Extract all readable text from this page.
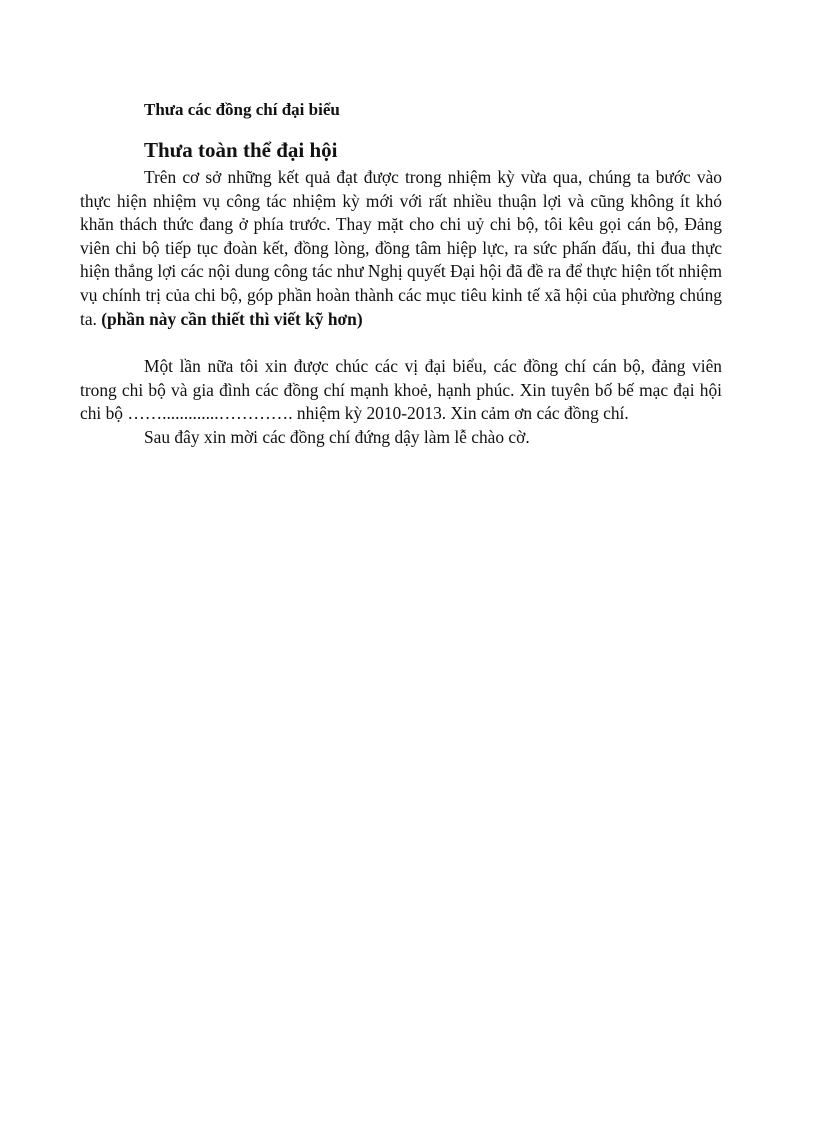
Thưa các đồng chí đại biểu

Thưa toàn thể đại hội

Trên cơ sở những kết quả đạt được trong nhiệm kỳ vừa qua, chúng ta bước vào thực hiện nhiệm vụ công tác nhiệm kỳ mới với rất nhiều thuận lợi và cũng không ít khó khăn thách thức đang ở phía trước. Thay mặt cho chi uỷ chi bộ, tôi kêu gọi cán bộ, Đảng viên chi bộ tiếp tục đoàn kết, đồng lòng, đồng tâm hiệp lực, ra sức phấn đấu, thi đua thực hiện thắng lợi các nội dung công tác như Nghị quyết Đại hội đã đề ra để thực hiện tốt nhiệm vụ chính trị của chi bộ, góp phần hoàn thành các mục tiêu kinh tế xã hội của phường chúng ta. (phần này cần thiết thì viết kỹ hơn)

Một lần nữa tôi xin được chúc các vị đại biểu, các đồng chí cán bộ, đảng viên trong chi bộ và gia đình các đồng chí mạnh khoẻ, hạnh phúc. Xin tuyên bố bế mạc đại hội chi bộ …….............…………. nhiệm kỳ 2010-2013. Xin cảm ơn các đồng chí.

Sau đây xin mời các đồng chí đứng dậy làm lễ chào cờ.
